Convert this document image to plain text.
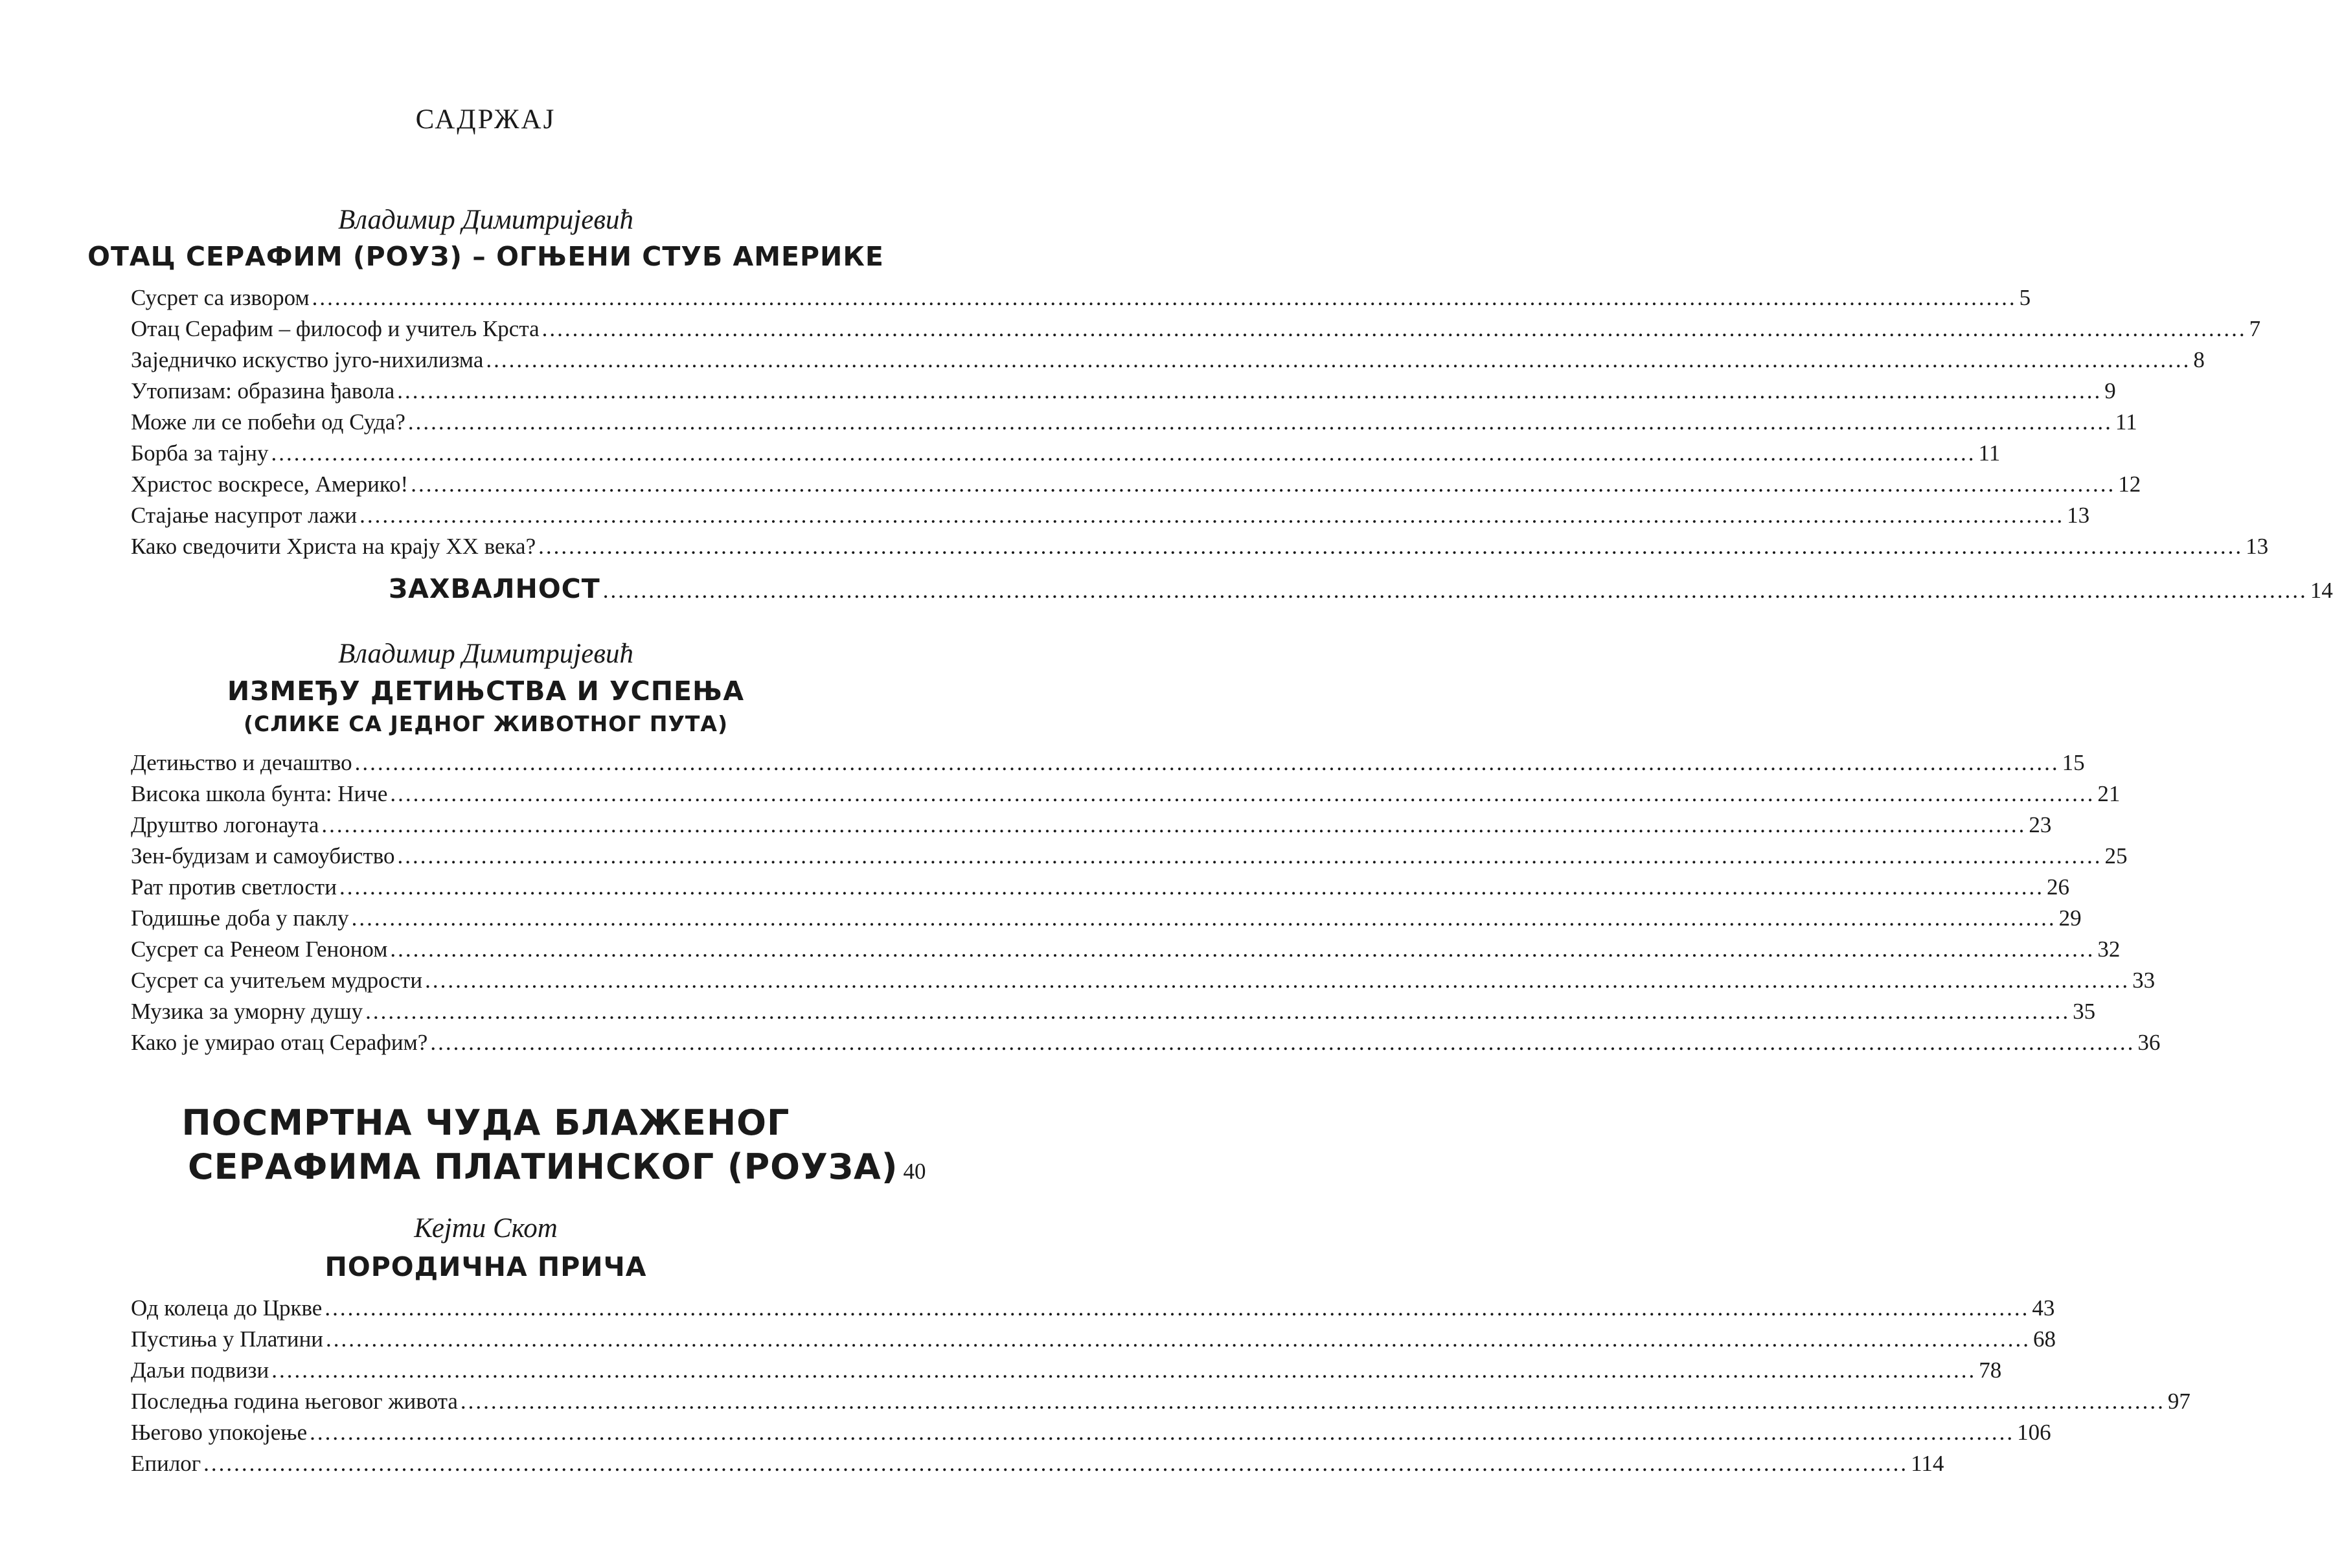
САДРЖАЈ
Владимир Димитријевић
ОТАЦ СЕРАФИМ (РОУЗ) – ОГЊЕНИ СТУБ АМЕРИКЕ
Сусрет са извором ................................................................................................................................................................................................................................ 5
Отац Серафим – философ и учитељ Крста ................................................................................................................................................................................................................................ 7
Заједничко искуство југо-нихилизма ................................................................................................................................................................................................................................ 8
Утопизам: образина ђавола ................................................................................................................................................................................................................................ 9
Може ли се побећи од Суда? ................................................................................................................................................................................................................................ 11
Борба за тајну ................................................................................................................................................................................................................................ 11
Христос воскресе, Америко! ................................................................................................................................................................................................................................ 12
Стајање насупрот лажи ................................................................................................................................................................................................................................ 13
Како сведочити Христа на крају XX века? ................................................................................................................................................................................................................................ 13
ЗАХВАЛНОСТ ................................................................................................................................................................................................................................ 14
Владимир Димитријевић
ИЗМЕЂУ ДЕТИЊСТВА И УСПЕЊА
(СЛИКЕ СА ЈЕДНОГ ЖИВОТНОГ ПУТА)
Детињство и дечаштво ................................................................................................................................................................................................................................ 15
Висока школа бунта: Ниче ................................................................................................................................................................................................................................ 21
Друштво логонаута ................................................................................................................................................................................................................................ 23
Зен-будизам и самоубиство ................................................................................................................................................................................................................................ 25
Рат против светлости ................................................................................................................................................................................................................................ 26
Годишње доба у паклу ................................................................................................................................................................................................................................ 29
Сусрет са Ренеом Геноном ................................................................................................................................................................................................................................ 32
Сусрет са учитељем мудрости ................................................................................................................................................................................................................................ 33
Музика за уморну душу ................................................................................................................................................................................................................................ 35
Како је умирао отац Серафим? ................................................................................................................................................................................................................................ 36
ПОСМРТНА ЧУДА БЛАЖЕНОГ
СЕРАФИМА ПЛАТИНСКОГ (РОУЗА) 40
Кејти Скот
ПОРОДИЧНА ПРИЧА
Од колеца до Цркве ................................................................................................................................................................................................................................ 43
Пустиња у Платини ................................................................................................................................................................................................................................ 68
Даљи подвизи ................................................................................................................................................................................................................................ 78
Последња година његовог живота ................................................................................................................................................................................................................................ 97
Његово упокојење ................................................................................................................................................................................................................................ 106
Епилог ................................................................................................................................................................................................................................ 114
